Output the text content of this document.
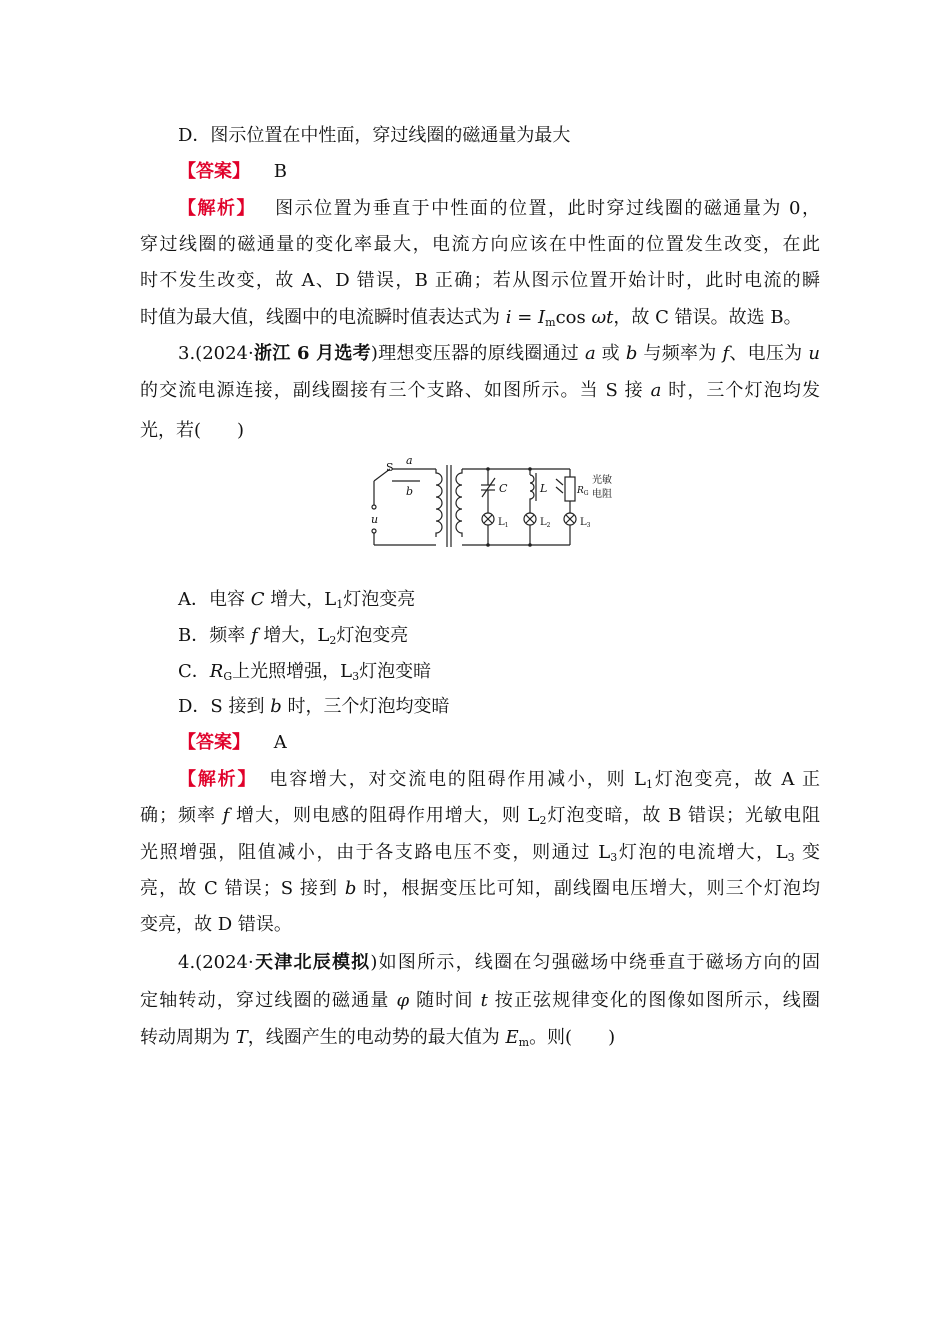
D．图示位置在中性面，穿过线圈的磁通量为最大
【答案】 B
【解析】 图示位置为垂直于中性面的位置，此时穿过线圈的磁通量为 0，
穿过线圈的磁通量的变化率最大，电流方向应该在中性面的位置发生改变，在此
时不发生改变，故 A、D 错误，B 正确；若从图示位置开始计时，此时电流的瞬
时值为最大值，线圈中的电流瞬时值表达式为 $i = I_m\cos$ ωt，故 C 错误。故选 B。
3.(2024·浙江 6 月选考)理想变压器的原线圈通过 a 或 b 与频率为 f、电压为 u
的交流电源连接，副线圈接有三个支路、如图所示。当 S 接 a 时，三个灯泡均发
光，若(　　)
S
a
b
u
C	L	$R_G$
光敏
电阻
$L_1$	$L_2$	$L_3$
A．电容 C 增大，$L_1$灯泡变亮
B．频率 f 增大，$L_2$灯泡变亮
C．$R_G$上光照增强，$L_3$灯泡变暗
D．S 接到 b 时，三个灯泡均变暗
【答案】 A
【解析】 电容增大，对交流电的阻碍作用减小，则 $L_1$灯泡变亮，故 A 正
确；频率 f 增大，则电感的阻碍作用增大，则 $L_2$灯泡变暗，故 B 错误；光敏电阻
光照增强，阻值减小，由于各支路电压不变，则通过 $L_3$灯泡的电流增大，$L_3$ 变
亮，故 C 错误；S 接到 b 时，根据变压比可知，副线圈电压增大，则三个灯泡均
变亮，故 D 错误。
4.(2024·天津北辰模拟)如图所示，线圈在匀强磁场中绕垂直于磁场方向的固
定轴转动，穿过线圈的磁通量 φ 随时间 t 按正弦规律变化的图像如图所示，线圈
转动周期为 T，线圈产生的电动势的最大值为 $E_m$。则(　　)
